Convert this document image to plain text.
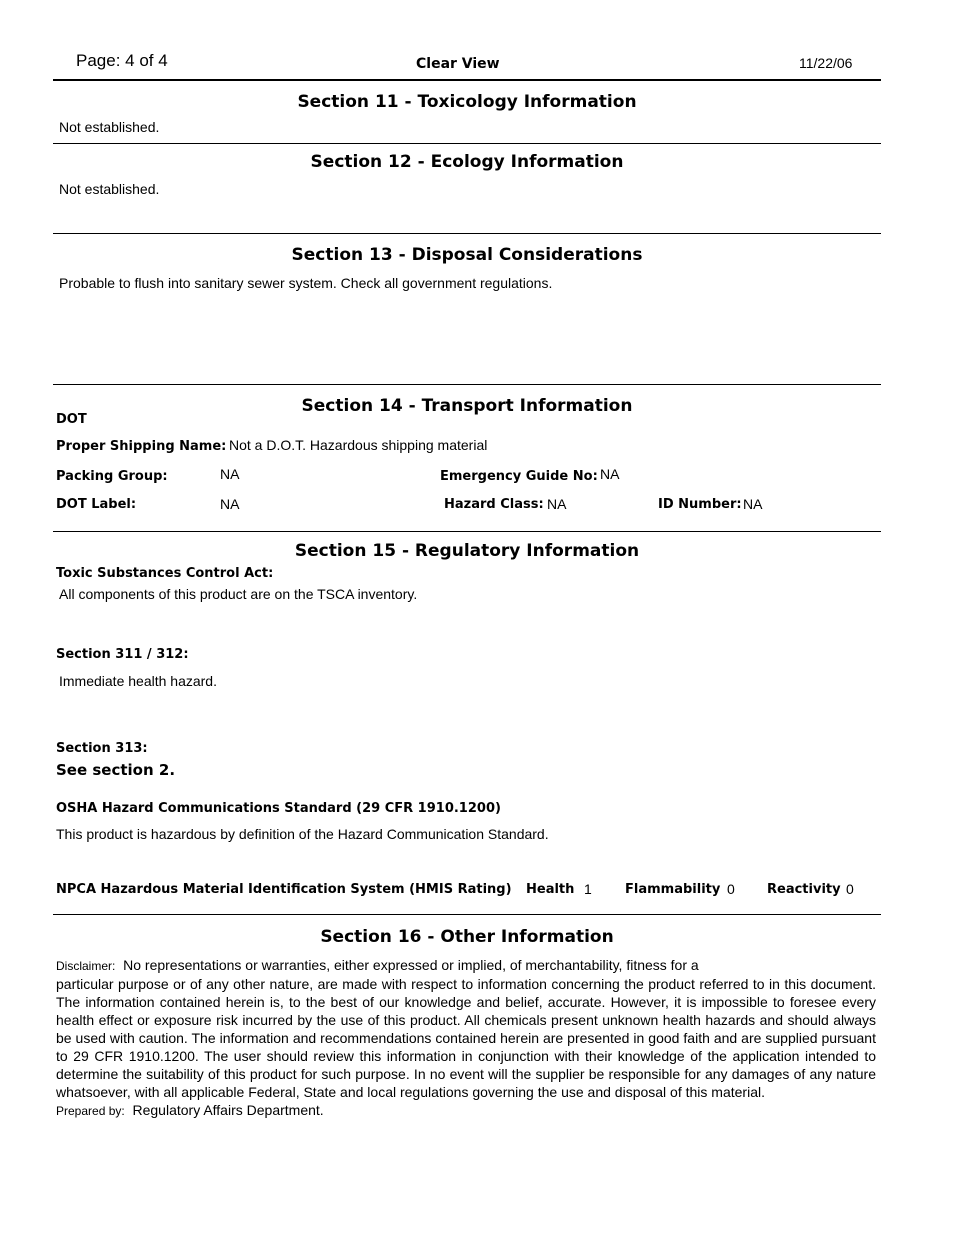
Page: 4 of 4	Clear View	11/22/06
Section 11 - Toxicology Information
Not established.
Section 12 - Ecology Information
Not established.
Section 13 - Disposal Considerations
Probable to flush into sanitary sewer system. Check all government regulations.
Section 14 - Transport Information
DOT
Proper Shipping Name: Not a D.O.T. Hazardous shipping material
Packing Group:	NA	Emergency Guide No: NA
DOT Label:	NA	Hazard Class: NA	ID Number: NA
Section 15 - Regulatory Information
Toxic Substances Control Act:
All components of this product are on the TSCA inventory.
Section 311 / 312:
Immediate health hazard.
Section 313:
See section 2.
OSHA Hazard Communications Standard (29 CFR 1910.1200)
This product is hazardous by definition of the Hazard Communication Standard.
NPCA Hazardous Material Identification System (HMIS Rating) Health 1	Flammability 0 Reactivity 0
Section 16 - Other Information
Disclaimer: No representations or warranties, either expressed or implied, of merchantability, fitness for a
particular purpose or of any other nature, are made with respect to information concerning the product referred to in this document. The information contained herein is, to the best of our knowledge and belief, accurate. However, it is impossible to foresee every health effect or exposure risk incurred by the use of this product. All chemicals present unknown health hazards and should always be used with caution. The information and recommendations contained herein are presented in good faith and are supplied pursuant to 29 CFR 1910.1200. The user should review this information in conjunction with their knowledge of the application intended to determine the suitability of this product for such purpose. In no event will the supplier be responsible for any damages of any nature whatsoever, with all applicable Federal, State and local regulations governing the use and disposal of this material.
Prepared by: Regulatory Affairs Department.
